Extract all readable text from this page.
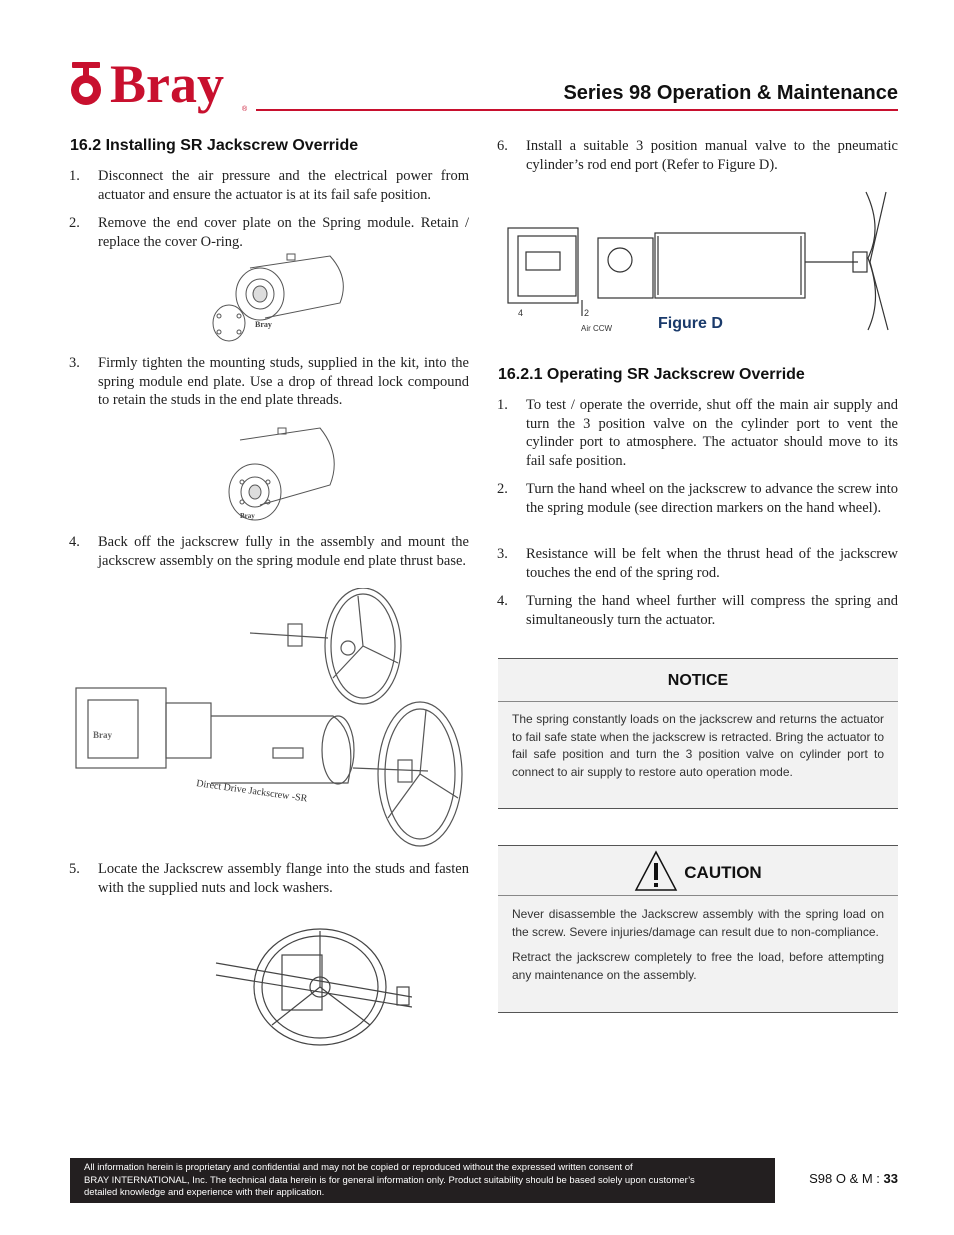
Bray	®
Series 98 Operation & Maintenance
16.2 Installing SR Jackscrew Override
1. Disconnect the air pressure and the electrical power from actuator and ensure the actuator is at its fail safe position.
2. Remove the end cover plate on the Spring module. Retain / replace the cover O-ring.
Bray
3. Firmly tighten the mounting studs, supplied in the kit, into the spring module end plate. Use a drop of thread lock compound to retain the studs in the end plate threads.
Bray
4. Back off the jackscrew fully in the assembly and mount the jackscrew assembly on the spring module end plate thrust base.
Bray
Direct Drive Jackscrew -SR
5. Locate the Jackscrew assembly flange into the studs and fasten with the supplied nuts and lock washers.
6. Install a suitable 3 position manual valve to the pneumatic cylinder’s rod end port (Refer to Figure D).
4	2
Air CCW	Figure D
16.2.1 Operating SR Jackscrew Override
1. To test / operate the override, shut off the main air supply and turn the 3 position valve on the cylinder port to vent the cylinder port to atmosphere. The actuator should move to its fail safe position.
2. Turn the hand wheel on the jackscrew to advance the screw into the spring module (see direction markers on the hand wheel).
3. Resistance will be felt when the thrust head of the jackscrew touches the end of the spring rod.
4. Turning the hand wheel further will compress the spring and simultaneously turn the actuator.
NOTICE
The spring constantly loads on the jackscrew and returns the actuator to fail safe state when the jackscrew is retracted. Bring the actuator to fail safe position and turn the 3 position valve on cylinder port to connect to air supply to restore auto operation mode.
CAUTION
Never disassemble the Jackscrew assembly with the spring load on the screw. Severe injuries/damage can result due to non-compliance.
Retract the jackscrew completely to free the load, before attempting any maintenance on the assembly.
All information herein is proprietary and confidential and may not be copied or reproduced without the expressed written consent of
BRAY INTERNATIONAL, Inc. The technical data herein is for general information only. Product suitability should be based solely upon customer’s
detailed knowledge and experience with their application.
S98 O & M : 33
